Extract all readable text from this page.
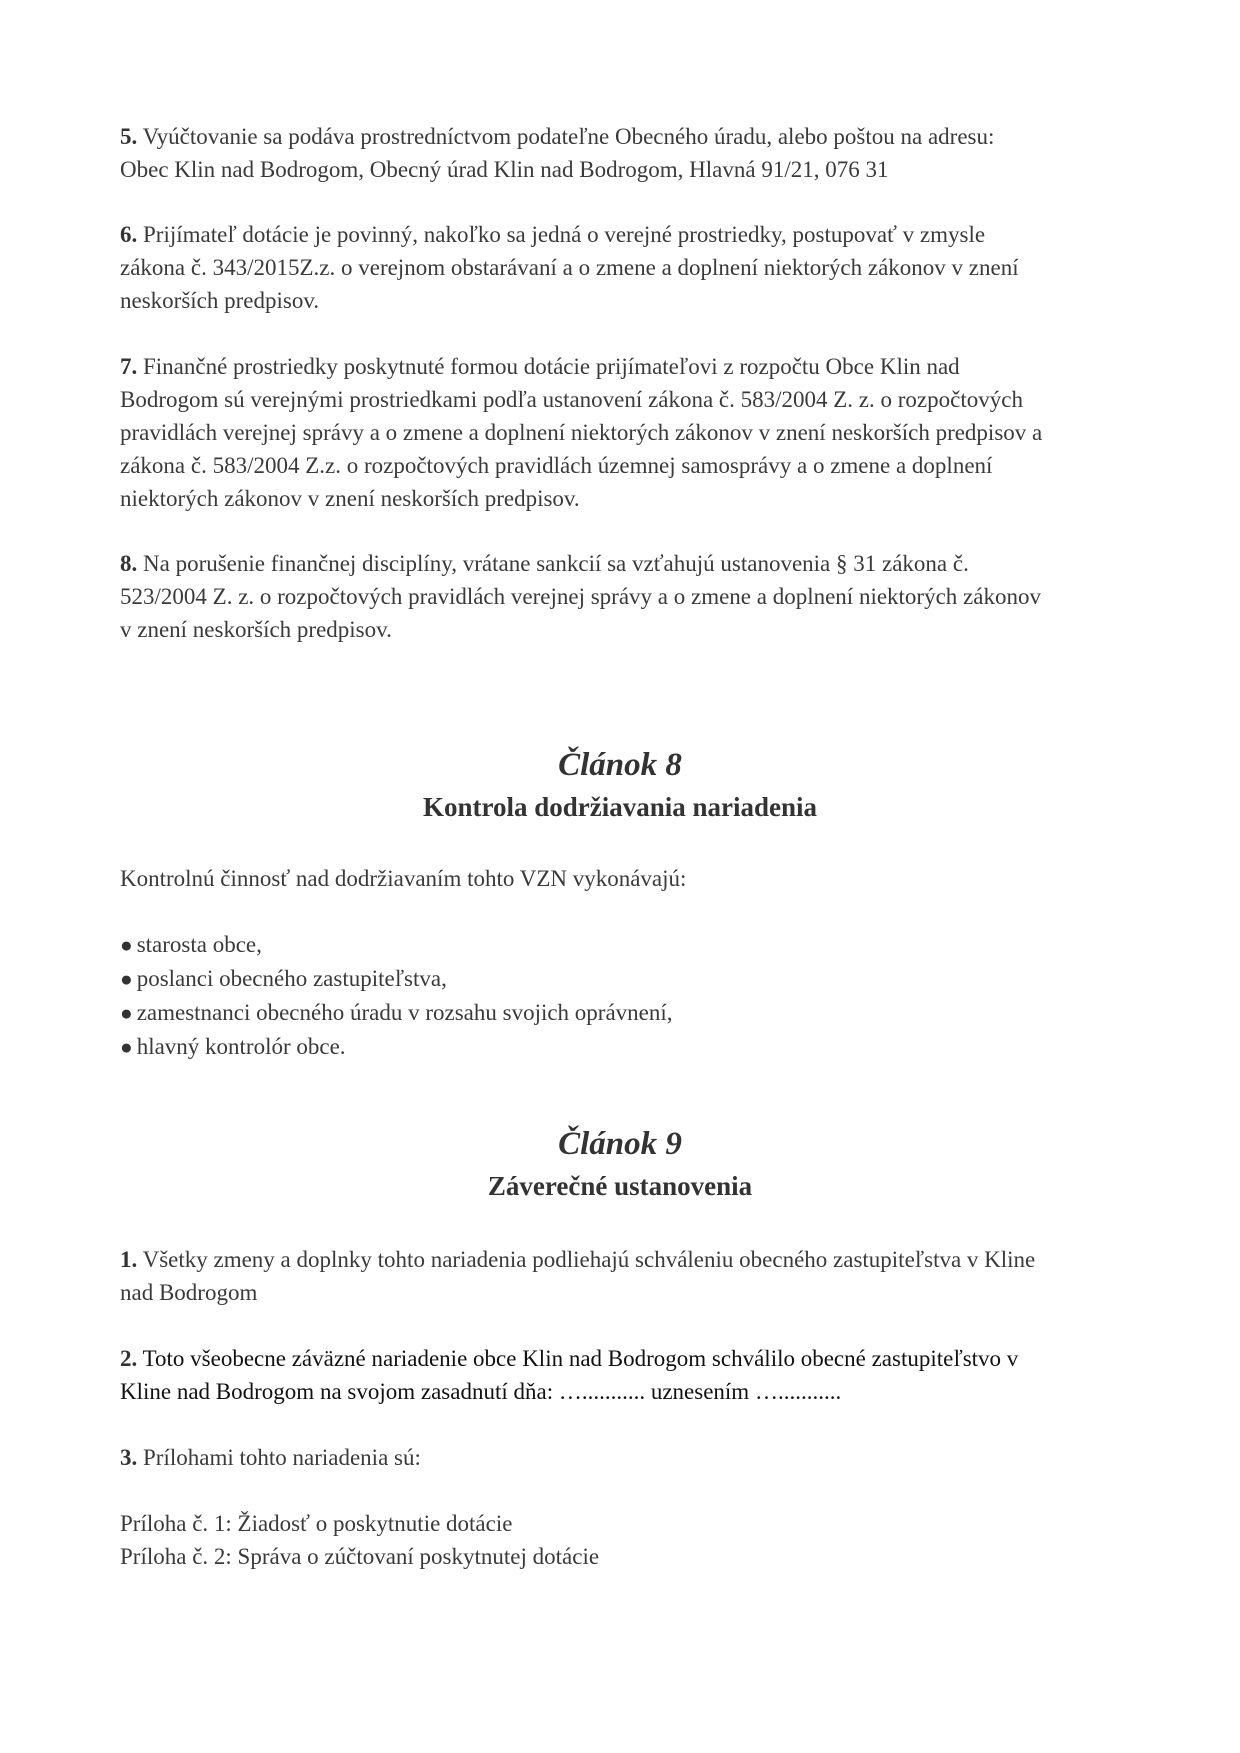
5. Vyúčtovanie sa podáva prostredníctvom podateľne Obecného úradu, alebo poštou na adresu:
Obec Klin nad Bodrogom, Obecný úrad Klin nad Bodrogom, Hlavná 91/21, 076 31
6. Prijímateľ dotácie je povinný, nakoľko sa jedná o verejné prostriedky, postupovať v zmysle
zákona č. 343/2015Z.z. o verejnom obstarávaní a o zmene a doplnení niektorých zákonov v znení
neskorších predpisov.
7. Finančné prostriedky poskytnuté formou dotácie prijímateľovi z rozpočtu Obce Klin nad
Bodrogom sú verejnými prostriedkami podľa ustanovení zákona č. 583/2004 Z. z. o rozpočtových
pravidlách verejnej správy a o zmene a doplnení niektorých zákonov v znení neskorších predpisov a
zákona č. 583/2004 Z.z. o rozpočtových pravidlách územnej samosprávy a o zmene a doplnení
niektorých zákonov v znení neskorších predpisov.
8. Na porušenie finančnej disciplíny, vrátane sankcií sa vzťahujú ustanovenia § 31 zákona č.
523/2004 Z. z. o rozpočtových pravidlách verejnej správy a o zmene a doplnení niektorých zákonov
v znení neskorších predpisov.
Článok 8
Kontrola dodržiavania nariadenia
Kontrolnú činnosť nad dodržiavaním tohto VZN vykonávajú:
● starosta obce,
● poslanci obecného zastupiteľstva,
● zamestnanci obecného úradu v rozsahu svojich oprávnení,
● hlavný kontrolór obce.
Článok 9
Záverečné ustanovenia
1. Všetky zmeny a doplnky tohto nariadenia podliehajú schváleniu obecného zastupiteľstva v Kline
nad Bodrogom
2. Toto všeobecne záväzné nariadenie obce Klin nad Bodrogom schválilo obecné zastupiteľstvo v
Kline nad Bodrogom na svojom zasadnutí dňa: …........... uznesením …...........
3. Prílohami tohto nariadenia sú:
Príloha č. 1: Žiadosť o poskytnutie dotácie
Príloha č. 2: Správa o zúčtovaní poskytnutej dotácie
